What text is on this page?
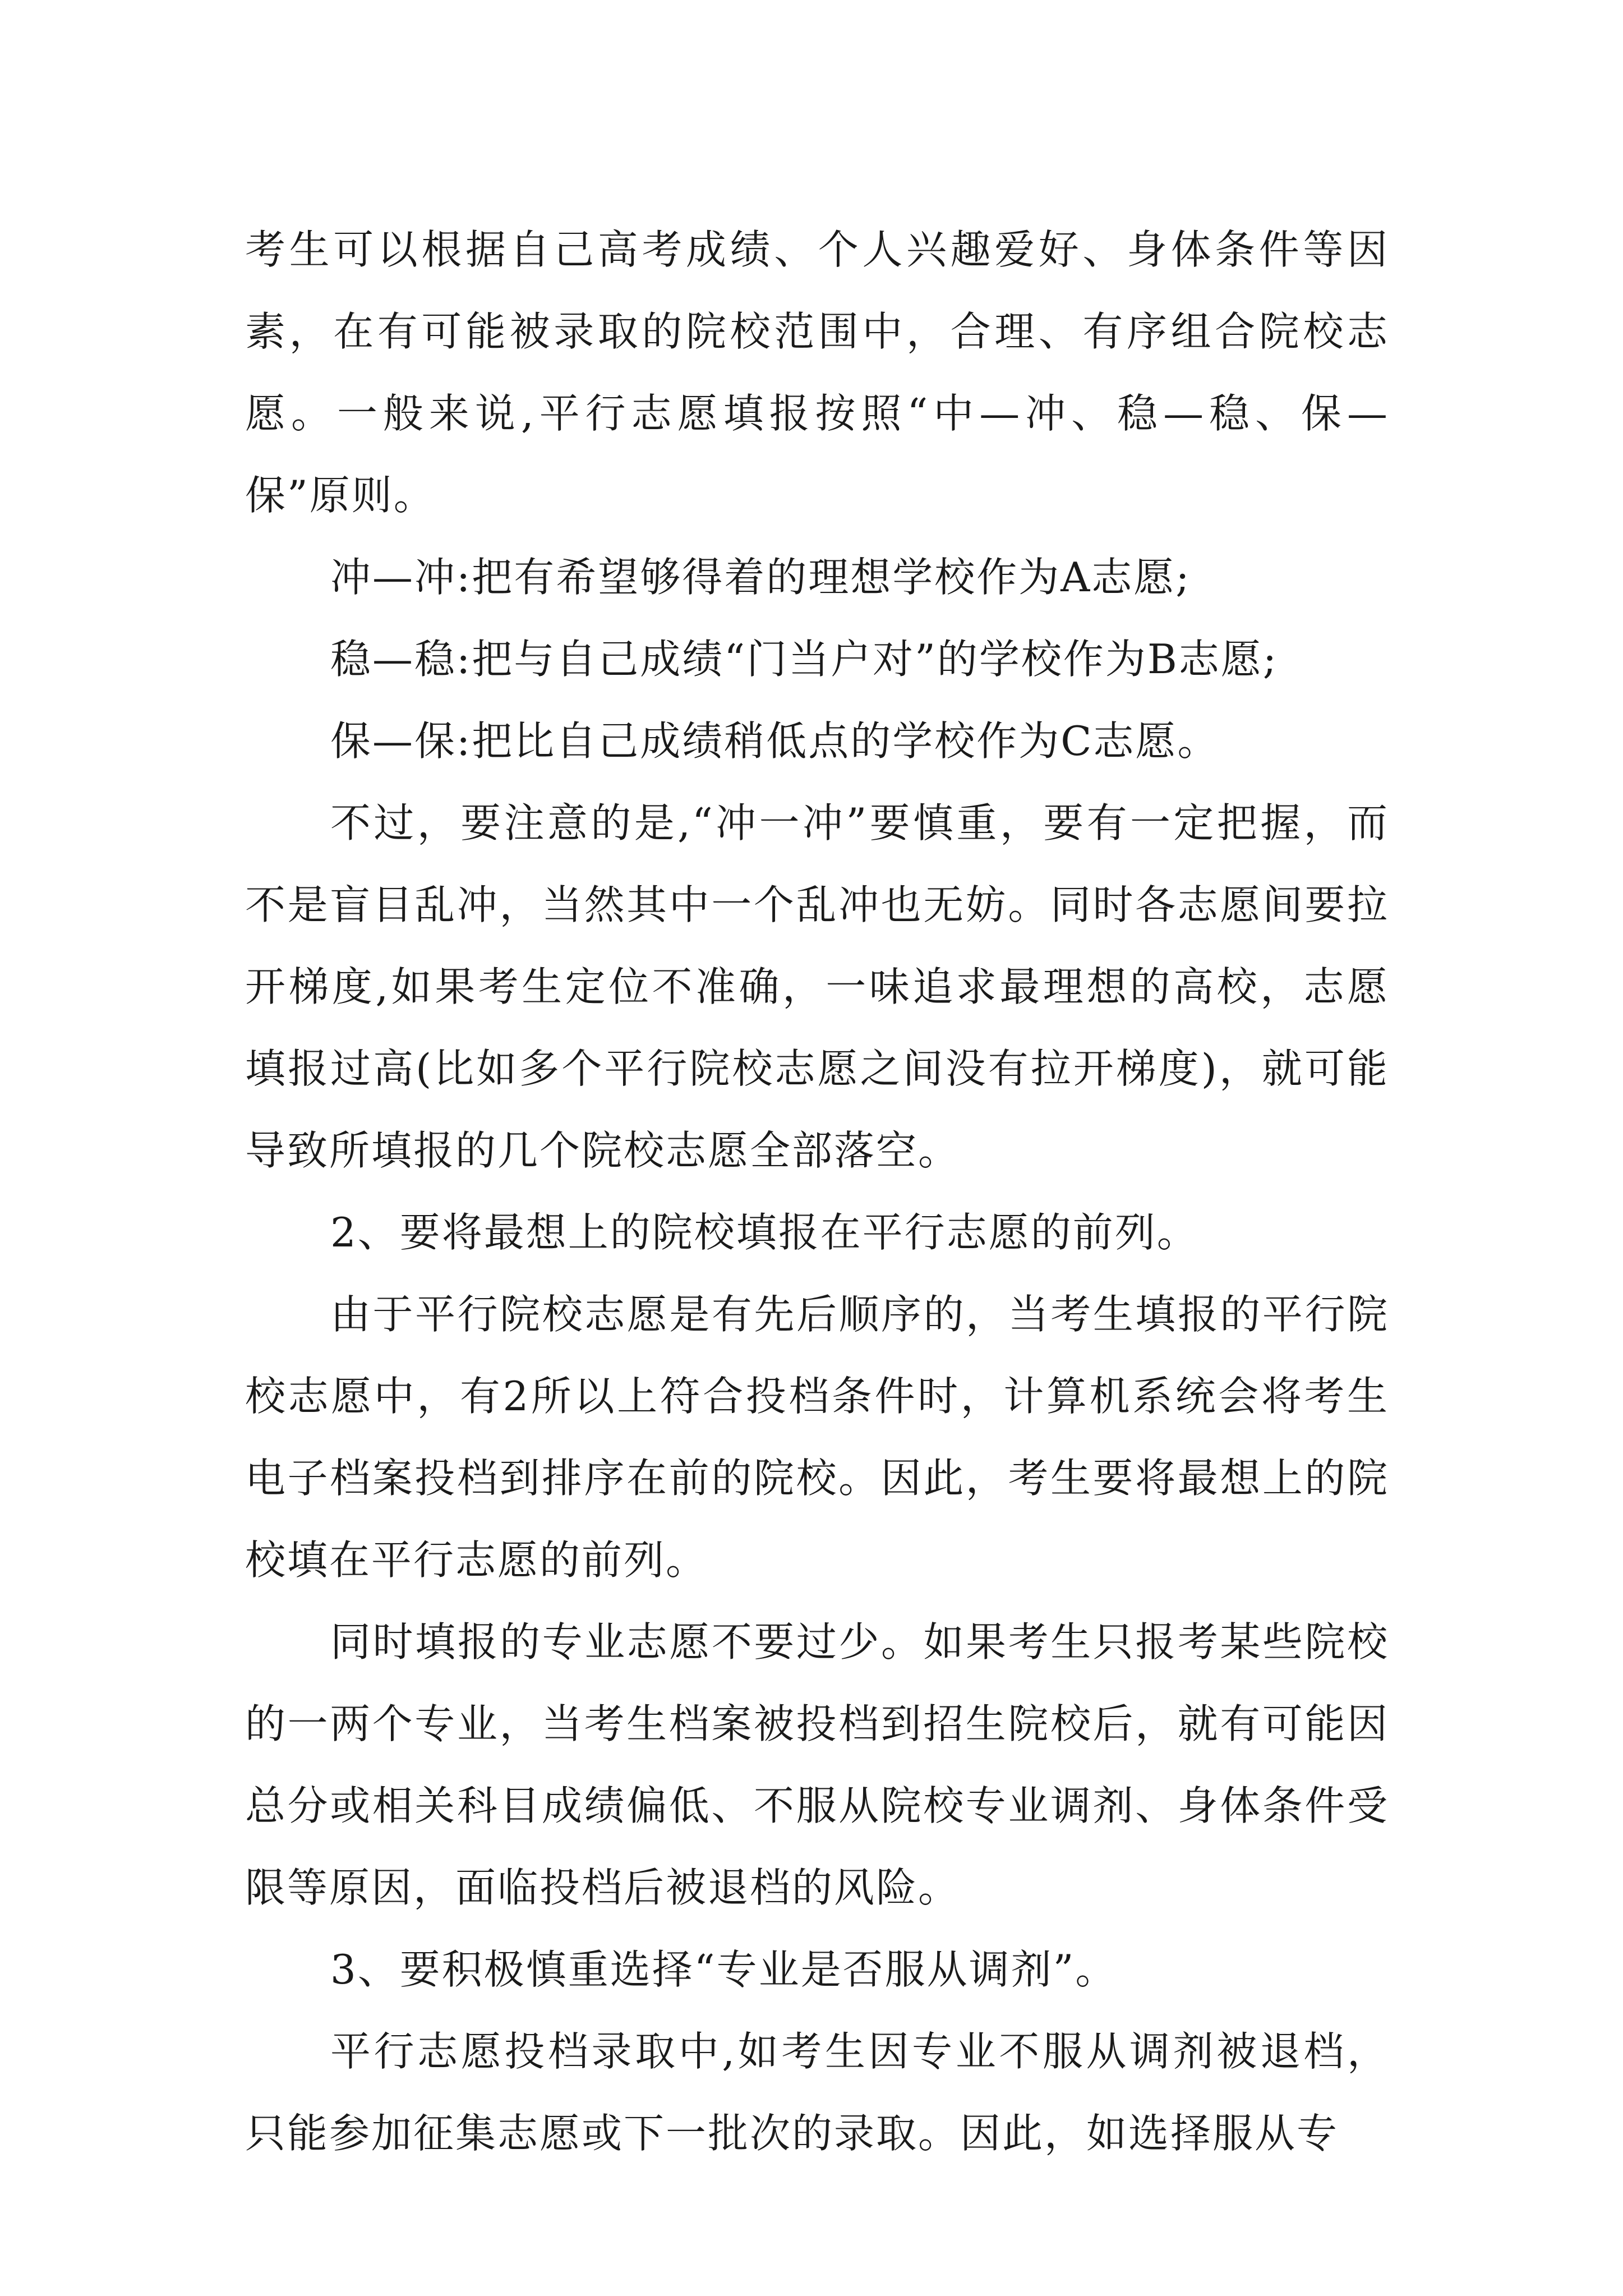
考生可以根据自己高考成绩、个人兴趣爱好、身体条件等因素，在有可能被录取的院校范围中，合理、有序组合院校志愿。一般来说,平行志愿填报按照“中—冲、稳—稳、保—保”原则。

冲—冲:把有希望够得着的理想学校作为A志愿;

稳—稳:把与自己成绩“门当户对”的学校作为B志愿;

保—保:把比自己成绩稍低点的学校作为C志愿。

不过，要注意的是,“冲一冲”要慎重，要有一定把握，而不是盲目乱冲，当然其中一个乱冲也无妨。同时各志愿间要拉开梯度,如果考生定位不准确，一味追求最理想的高校，志愿填报过高(比如多个平行院校志愿之间没有拉开梯度)，就可能导致所填报的几个院校志愿全部落空。

2、要将最想上的院校填报在平行志愿的前列。

由于平行院校志愿是有先后顺序的，当考生填报的平行院校志愿中，有2所以上符合投档条件时，计算机系统会将考生电子档案投档到排序在前的院校。因此，考生要将最想上的院校填在平行志愿的前列。

同时填报的专业志愿不要过少。如果考生只报考某些院校的一两个专业，当考生档案被投档到招生院校后，就有可能因总分或相关科目成绩偏低、不服从院校专业调剂、身体条件受限等原因，面临投档后被退档的风险。

3、要积极慎重选择“专业是否服从调剂”。

平行志愿投档录取中,如考生因专业不服从调剂被退档，只能参加征集志愿或下一批次的录取。因此，如选择服从专
